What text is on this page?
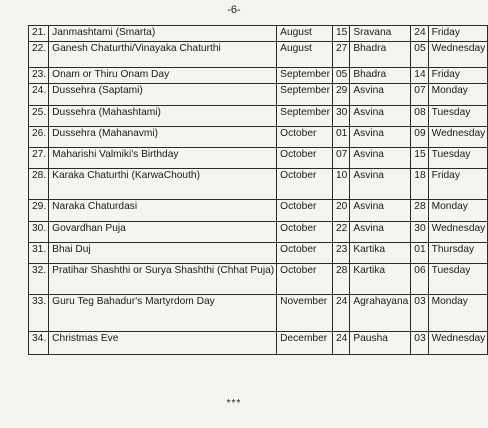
-6-
21.	Janmashtami (Smarta)	August	15	Sravana	24	Friday
22.	Ganesh Chaturthi/Vinayaka Chaturthi	August	27	Bhadra	05	Wednesday
23.	Onam or Thiru Onam Day	September	05	Bhadra	14	Friday
24.	Dussehra (Saptami)	September	29	Asvina	07	Monday
25.	Dussehra (Mahashtami)	September	30	Asvina	08	Tuesday
26.	Dussehra (Mahanavmi)	October	01	Asvina	09	Wednesday
27.	Maharishi Valmiki's Birthday	October	07	Asvina	15	Tuesday
28.	Karaka Chaturthi (KarwaChouth)	October	10	Asvina	18	Friday
29.	Naraka Chaturdasi	October	20	Asvina	28	Monday
30.	Govardhan Puja	October	22	Asvina	30	Wednesday
31.	Bhai Duj	October	23	Kartika	01	Thursday
32.	Pratihar Shashthi or Surya Shashthi (Chhat Puja)	October	28	Kartika	06	Tuesday
33.	Guru Teg Bahadur's Martyrdom Day	November	24	Agrahayana	03	Monday
34.	Christmas Eve	December	24	Pausha	03	Wednesday
***
